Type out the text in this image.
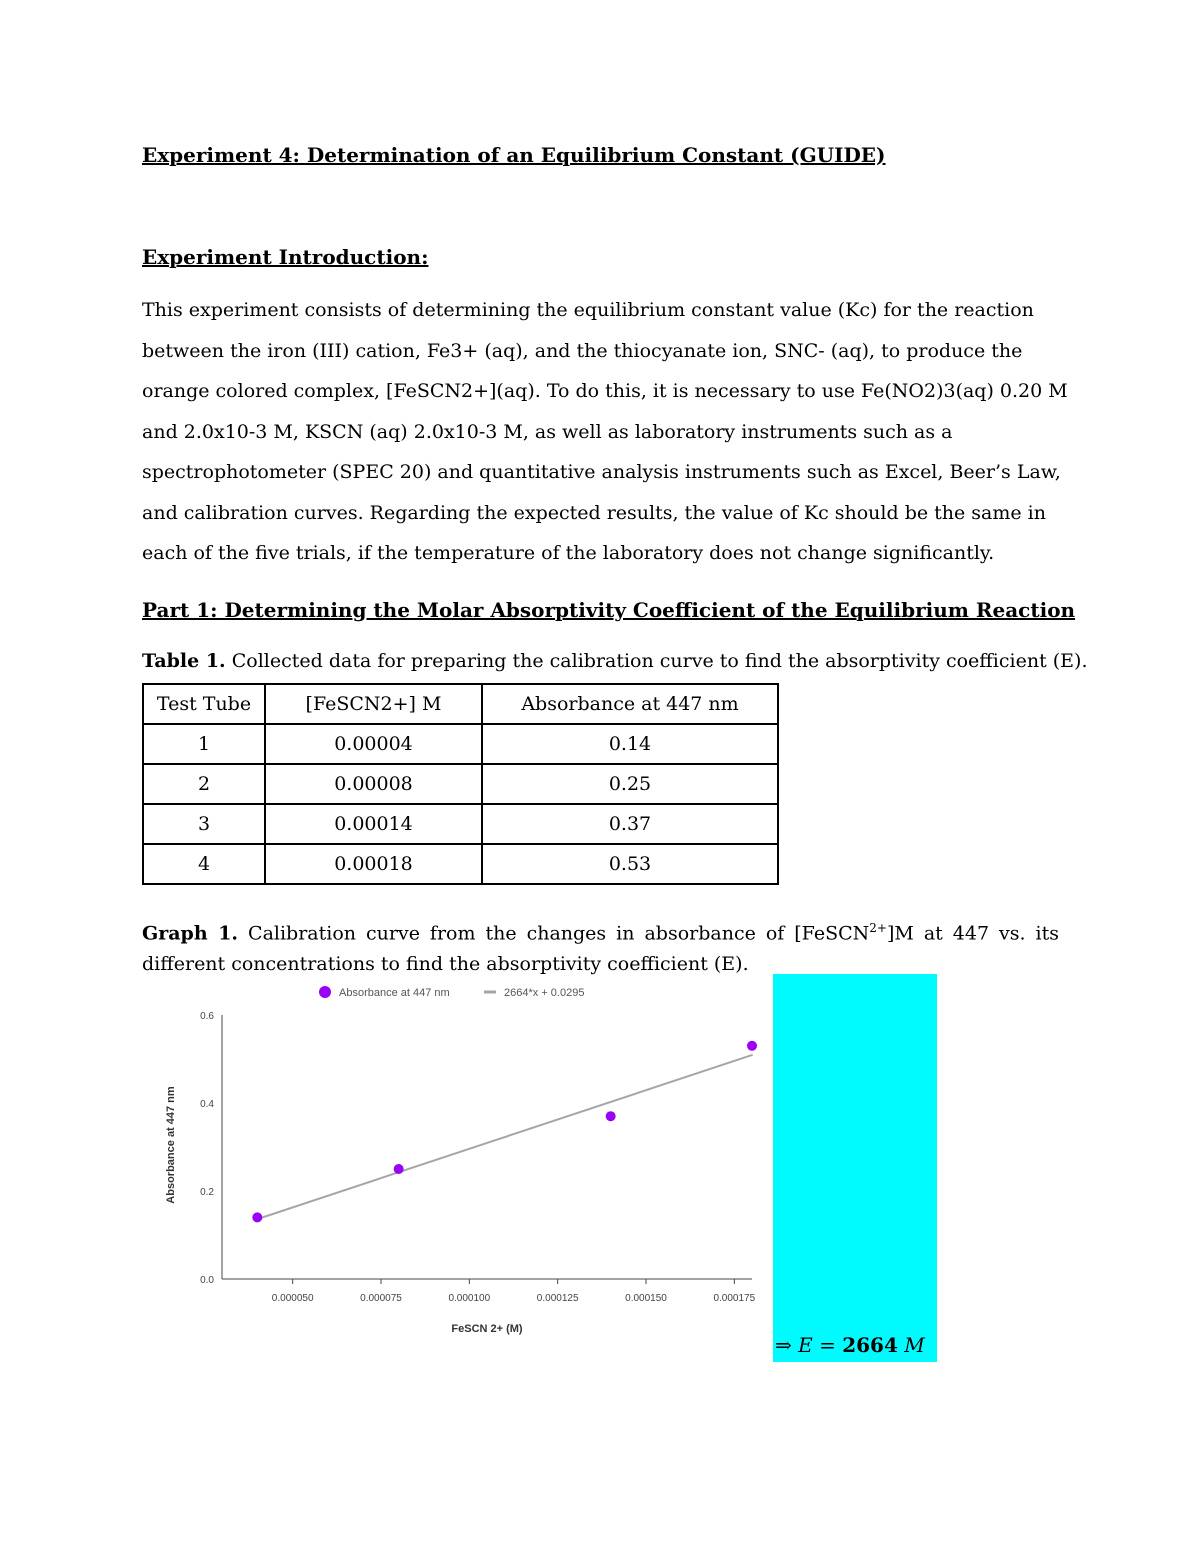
Experiment 4: Determination of an Equilibrium Constant (GUIDE)
Experiment Introduction:
This experiment consists of determining the equilibrium constant value (Kc) for the reaction
between the iron (III) cation, Fe3+ (aq), and the thiocyanate ion, SNC- (aq), to produce the
orange colored complex, [FeSCN2+](aq). To do this, it is necessary to use Fe(NO2)3(aq) 0.20 M
and 2.0x10-3 M, KSCN (aq) 2.0x10-3 M, as well as laboratory instruments such as a
spectrophotometer (SPEC 20) and quantitative analysis instruments such as Excel, Beer’s Law,
and calibration curves. Regarding the expected results, the value of Kc should be the same in
each of the five trials, if the temperature of the laboratory does not change significantly.
Part 1: Determining the Molar Absorptivity Coefficient of the Equilibrium Reaction
Table 1. Collected data for preparing the calibration curve to find the absorptivity coefficient (E).
Test Tube	[FeSCN2+] M	Absorbance at 447 nm
1	0.00004	0.14
2	0.00008	0.25
3	0.00014	0.37
4	0.00018	0.53
Graph 1. Calibration curve from the changes in absorbance of [FeSCN$^{2+}$]M at 447 vs. its different concentrations to find the absorptivity coefficient (E).
Absorbance at 447 nm	2664*x + 0.0295
0.0
0.2
0.4
0.6
0.000050	0.000075	0.000100	0.000125	0.000150	0.000175
Absorbance at 447 nm
FeSCN 2+ (M)
⇒ E = 2664 M
